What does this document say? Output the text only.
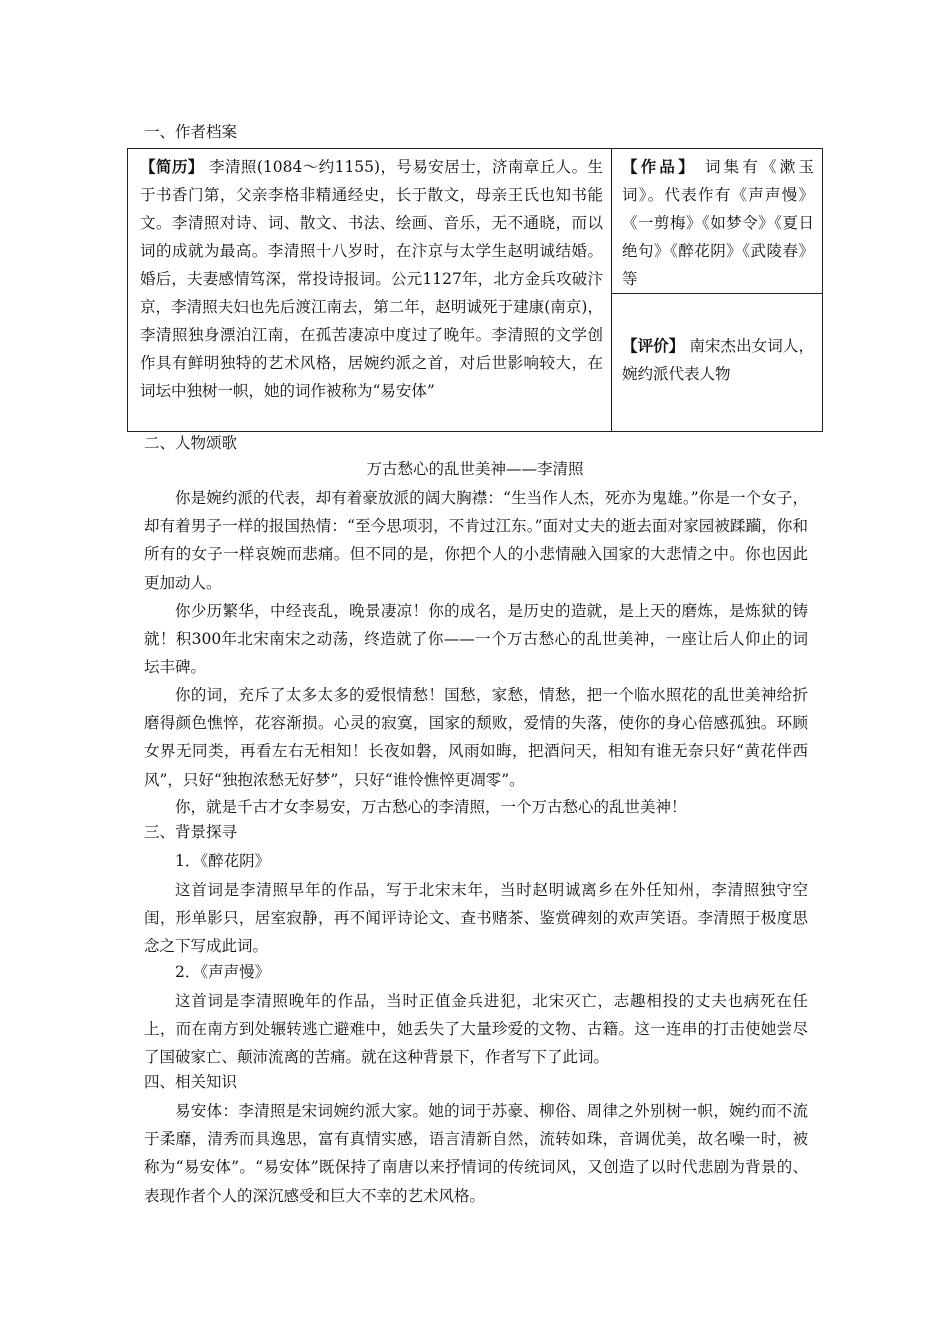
一、作者档案

【简历】 李清照(1084～约1155)，号易安居士，济南章丘人。生于书香门第，父亲李格非精通经史，长于散文，母亲王氏也知书能文。李清照对诗、词、散文、书法、绘画、音乐，无不通晓，而以词的成就为最高。李清照十八岁时，在汴京与太学生赵明诚结婚。婚后，夫妻感情笃深，常投诗报词。公元1127年，北方金兵攻破汴京，李清照夫妇也先后渡江南去，第二年，赵明诚死于建康(南京)，李清照独身漂泊江南，在孤苦凄凉中度过了晚年。李清照的文学创作具有鲜明独特的艺术风格，居婉约派之首，对后世影响较大，在词坛中独树一帜，她的词作被称为“易安体”

【作品】 词集有《漱玉词》。代表作有《声声慢》《一剪梅》《如梦令》《夏日绝句》《醉花阴》《武陵春》等

【评价】 南宋杰出女词人，婉约派代表人物

二、人物颂歌
万古愁心的乱世美神——李清照

你是婉约派的代表，却有着豪放派的阔大胸襟：“生当作人杰，死亦为鬼雄。”你是一个女子，却有着男子一样的报国热情：“至今思项羽，不肯过江东。”面对丈夫的逝去面对家园被蹂躏，你和所有的女子一样哀婉而悲痛。但不同的是，你把个人的小悲情融入国家的大悲情之中。你也因此更加动人。

你少历繁华，中经丧乱，晚景凄凉！你的成名，是历史的造就，是上天的磨炼，是炼狱的铸就！积300年北宋南宋之动荡，终造就了你——一个万古愁心的乱世美神，一座让后人仰止的词坛丰碑。

你的词，充斥了太多太多的爱恨情愁！国愁，家愁，情愁，把一个临水照花的乱世美神给折磨得颜色憔悴，花容渐损。心灵的寂寞，国家的颓败，爱情的失落，使你的身心倍感孤独。环顾女界无同类，再看左右无相知！长夜如磐，风雨如晦，把酒问天，相知有谁无奈只好“黄花伴西风”，只好“独抱浓愁无好梦”，只好“谁怜憔悴更凋零”。

你，就是千古才女李易安，万古愁心的李清照，一个万古愁心的乱世美神！

三、背景探寻

1．《醉花阴》

这首词是李清照早年的作品，写于北宋末年，当时赵明诚离乡在外任知州，李清照独守空闺，形单影只，居室寂静，再不闻评诗论文、查书赌茶、鉴赏碑刻的欢声笑语。李清照于极度思念之下写成此词。

2．《声声慢》

这首词是李清照晚年的作品，当时正值金兵进犯，北宋灭亡，志趣相投的丈夫也病死在任上，而在南方到处辗转逃亡避难中，她丢失了大量珍爱的文物、古籍。这一连串的打击使她尝尽了国破家亡、颠沛流离的苦痛。就在这种背景下，作者写下了此词。

四、相关知识

易安体：李清照是宋词婉约派大家。她的词于苏豪、柳俗、周律之外别树一帜，婉约而不流于柔靡，清秀而具逸思，富有真情实感，语言清新自然，流转如珠，音调优美，故名噪一时，被称为“易安体”。“易安体”既保持了南唐以来抒情词的传统词风，又创造了以时代悲剧为背景的、表现作者个人的深沉感受和巨大不幸的艺术风格。
